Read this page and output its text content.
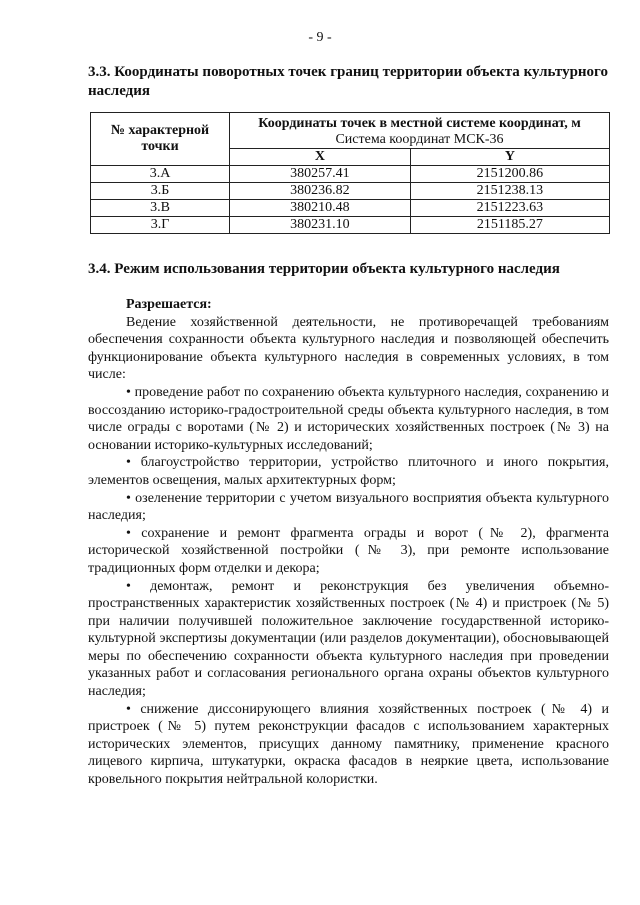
- 9 -
3.3. Координаты поворотных точек границ территории объекта культурного наследия
№ характерной точки	Координаты точек в местной системе координат, м
Система координат МСК-36	
	X	Y
3.А	380257.41	2151200.86
3.Б	380236.82	2151238.13
3.В	380210.48	2151223.63
3.Г	380231.10	2151185.27
3.4. Режим использования территории объекта культурного наследия

Разрешается:

Ведение хозяйственной деятельности, не противоречащей требованиям обеспечения сохранности объекта культурного наследия и позволяющей обеспечить функционирование объекта культурного наследия в современных условиях, в том числе:

• проведение работ по сохранению объекта культурного наследия, сохранению и воссозданию историко-градостроительной среды объекта культурного наследия, в том числе ограды с воротами (№ 2) и исторических хозяйственных построек (№ 3) на основании историко-культурных исследований;

• благоустройство территории, устройство плиточного и иного покрытия, элементов освещения, малых архитектурных форм;

• озеленение территории с учетом визуального восприятия объекта культурного наследия;

• сохранение и ремонт фрагмента ограды и ворот (№ 2), фрагмента исторической хозяйственной постройки (№ 3), при ремонте использование традиционных форм отделки и декора;

• демонтаж, ремонт и реконструкция без увеличения объемно-пространственных характеристик хозяйственных построек (№ 4) и пристроек (№ 5) при наличии получившей положительное заключение государственной историко-культурной экспертизы документации (или разделов документации), обосновывающей меры по обеспечению сохранности объекта культурного наследия при проведении указанных работ и согласования регионального органа охраны объектов культурного наследия;

• снижение диссонирующего влияния хозяйственных построек (№ 4) и пристроек (№ 5) путем реконструкции фасадов с использованием характерных исторических элементов, присущих данному памятнику, применение красного лицевого кирпича, штукатурки, окраска фасадов в неяркие цвета, использование кровельного покрытия нейтральной колористки.
